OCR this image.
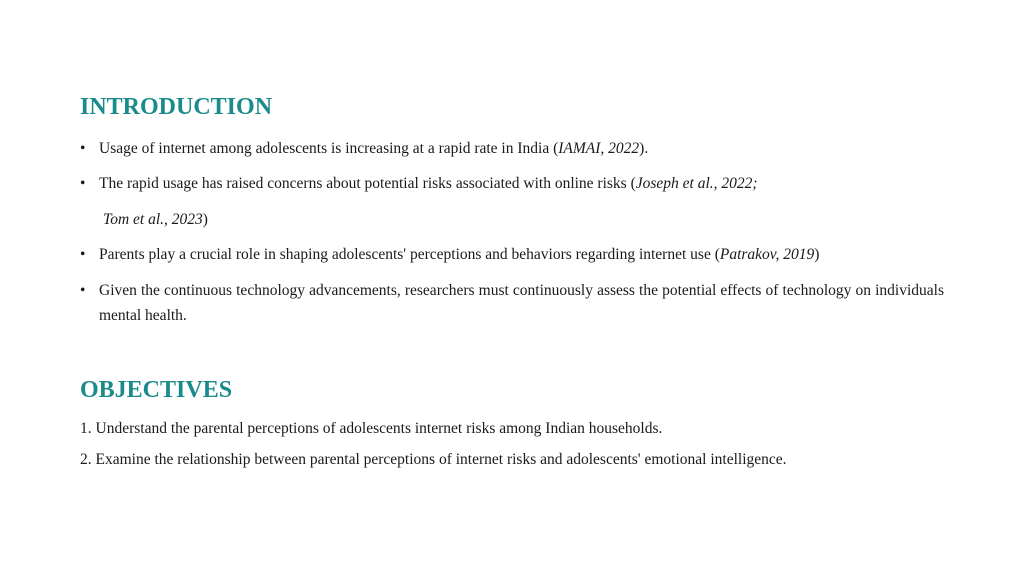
INTRODUCTION
• Usage of internet among adolescents is increasing at a rapid rate in India (IAMAI, 2022).
• The rapid usage has raised concerns about potential risks associated with online risks (Joseph et al., 2022;
Tom et al., 2023)
• Parents play a crucial role in shaping adolescents' perceptions and behaviors regarding internet use (Patrakov, 2019)
• Given the continuous technology advancements, researchers must continuously assess the potential effects of technology on individuals mental health.
OBJECTIVES
1. Understand the parental perceptions of adolescents internet risks among Indian households.
2. Examine the relationship between parental perceptions of internet risks and adolescents' emotional intelligence.
